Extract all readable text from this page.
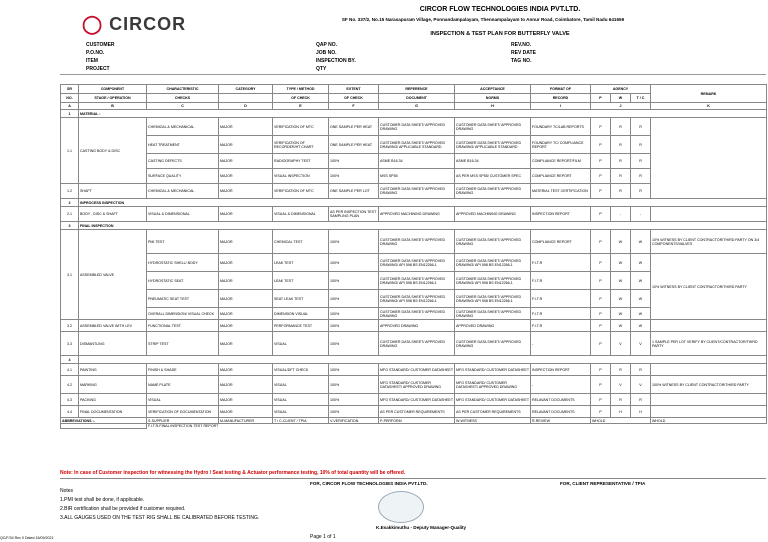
◯ CIRCOR
CIRCOR FLOW TECHNOLOGIES INDIA PVT.LTD.
SF No. 337/2, No.15 Narasapuram Village, Ponnandampalayam, Thennampalayam to Annur Road, Coimbatore, Tamil Nadu 641659
INSPECTION & TEST PLAN FOR BUTTERFLY VALVE
CUSTOMER	QAP NO.	REV.NO.
P.O.NO.	JOB NO.	REV DATE
ITEM	INSPECTION BY.	TAG NO.
PROJECT	QTY
SR	COMPONENT	CHARACTERISTIC	CATEGORY	TYPE / METHOD	EXTENT	REFERENCE	ACCEPTANCE	FORMAT OF	AGENCY			REMARK
NO.	STAGE / OPERATION	CHECKS		OF CHECK	OF CHECK	DOCUMENT	NORMS	RECORD	P	W	T / C	
A	B	C	D	E	F	G	H	I	J			K
1	MATERIAL :											
1.1	CASTING BODY & DISC	CHEMICAL & MECHANICAL	MAJOR	VERIFICATION OF MTC	ONE SAMPLE PER HEAT	CUSTOMER DATA SHEET/ APPROVED DRAWING	CUSTOMER DATA SHEET/ APPROVED DRAWING	FOUNDARY TC/LAB REPORTS	P	R	R	
		HEAT TREATMENT	MAJOR	VERIFICATION OF RECORDER/HT CHART	ONE SAMPLE PER HEAT	CUSTOMER DATA SHEET/ APPROVED DRAWING/ APPLICABLE STANDARD	CUSTOMER DATA SHEET/ APPROVED DRAWING/ APPLICABLE STANDARD	FOUNDARY TC/ COMPLIANCE REPORT	P	R	R	
		CASTING DEFECTS	MAJOR	RADIOGRAPHY TEST	100%	ASME B16.34	ASME B16.34	COMPLIANCE REPORT/FILM	P	R	R	
		SURFACE QUALITY	MAJOR	VISUAL INSPECTION	100%	MSS SP55	AS PER MSS SP55/ CUSTOMER SPEC	COMPLIANCE REPORT	P	R	R	
1.2	SHAFT	CHEMICAL & MECHANICAL	MAJOR	VERIFICATION OF MTC	ONE SAMPLE PER LOT	CUSTOMER DATA SHEET/ APPROVED DRAWING	CUSTOMER DATA SHEET/ APPROVED DRAWING	MATERIAL TEST CERTIFICATION	P	R	R	
2	INPROCESS INSPECTION											
2.1	BODY , DISC & SHAFT	VISUAL & DIMENSIONAL	MAJOR	VISUAL & DIMENSIONAL	AS PER INSPECTION TEST SAMPLING PLAN	APPROVED MACHINING DRAWING	APPROVED MACHINING DRAWING	INSPECTION REPORT	P	-	-	
3	FINAL INSPECTION											
3.1	ASSEMBLED VALVE	PMI TEST	MAJOR	CHEMICAL TEST	100%	CUSTOMER DATA SHEET/ APPROVED DRAWING	CUSTOMER DATA SHEET/ APPROVED DRAWING	COMPLIANCE REPORT	P	W	W	10% WITNESS BY CLIENT CONTRACTOR/THIRD PARTY ON 3/4 COMPONENTS/VALVES
		HYDROSTATIC SHELL/ BODY	MAJOR	LEAK TEST	100%	CUSTOMER DATA SHEET/ APPROVED DRAWING/ API 598 BS EN12266-1	CUSTOMER DATA SHEET/ APPROVED DRAWING/ API 598 BS EN12266-1	F.I.T.R	P	W	W	10% WITNESS BY CLIENT CONTRACTOR/THIRD PARTY
		HYDROSTATIC SEAT	MAJOR	LEAK TEST	100%	CUSTOMER DATA SHEET/ APPROVED DRAWING/ API 598 BS EN12266-1	CUSTOMER DATA SHEET/ APPROVED DRAWING/ API 598 BS EN12266-1	F.I.T.R	P	W	W	
		PNEUMATIC SEAT TEST	MAJOR	SEAT LEAK TEST	100%	CUSTOMER DATA SHEET/ APPROVED DRAWING/ API 598 BS EN12266-1	CUSTOMER DATA SHEET/ APPROVED DRAWING/ API 598 BS EN12266-1	F.I.T.R	P	W	W	
		OVERALL DIMENSION/ VISUAL CHECK	MAJOR	DIMENSION VISUAL	100%	CUSTOMER DATA SHEET/ APPROVED DRAWING	CUSTOMER DATA SHEET/ APPROVED DRAWING	F.I.T.R	P	W	W	
3.2	ASSEMBLED VALVE WITH LEV	FUNCTIONAL TEST	MAJOR	PERFORMANCE TEST	100%	APPROVED DRAWING	APPROVED DRAWING	F.I.T.R	P	W	W	
3.3	DISMANTLING	STRIP TEST	MAJOR	VISUAL	100%	CUSTOMER DATA SHEET/ APPROVED DRAWING	CUSTOMER DATA SHEET/ APPROVED DRAWING	-	P	V	V	1 SAMPLE PER LOT VERIFY BY CLIENT/CONTRACTOR/THIRD PARTY
4												
4.1	PAINTING	FINISH & SHADE	MAJOR	VISUAL/DFT CHECK	100%	MFG STANDARD/ CUSTOMER DATASHEET	MFG STANDARD/ CUSTOMER DATASHEET	INSPECTION REPORT	P	R	R	
4.2	MARKING	NAME PLATE	MAJOR	VISUAL	100%	MFG STANDARD/ CUSTOMER DATASHEET/ APPROVED DRAWING	MFG STANDARD/ CUSTOMER DATASHEET/ APPROVED DRAWING	-	P	V	V	100% WITNESS BY CLIENT CONTRACTOR/THIRD PARTY
4.3	PACKING	VISUAL	MAJOR	VISUAL	100%	MFG STANDARD/ CUSTOMER DATASHEET	MFG STANDARD/ CUSTOMER DATASHEET	RELAVANT DOCUMENTS	P	R	R	
4.4	FINAL DOCUMENTATION	VERIFICATION OF DOCUMENTATION	MAJOR	VISUAL	100%	AS PER CUSTOMER REQUIREMENTS	AS PER CUSTOMER REQUIREMENTS	RELAVANT DOCUMENTS	P	H	H	
ABBREVIATIONS :-		S-SUPPLIER	M-MANUFACTURER	T / C-CLIENT / TPIA	V-VERIFICATION	P-PERFORM	W-WITNESS	R-REVIEW	WHOLD			WHOLD
		F.I.T.R-FINAL INSPECTION TEST REPORT										
Note: In case of Customer inspection for witnessing the Hydro / Seat testing & Actuator performance testing, 10% of total quantity will be offered.
FOR, CIRCOR FLOW TECHNOLOGIES INDIA PVT.LTD.	FOR, CLIENT REPRESENTATIVE / TPIA
Notes
1.PMI test shall be done, if applicable.
2.BIR certification shall be provided if customer required.
3.ALL GAUGES USED ON THE TEST RIG SHALL BE CALIBRATED BEFORE TESTING.
K.Esakkimuthu - Deputy Manager-Quality
QC/F/34 Rev 0 Dated 16/09/2021	Page 1 of 1
